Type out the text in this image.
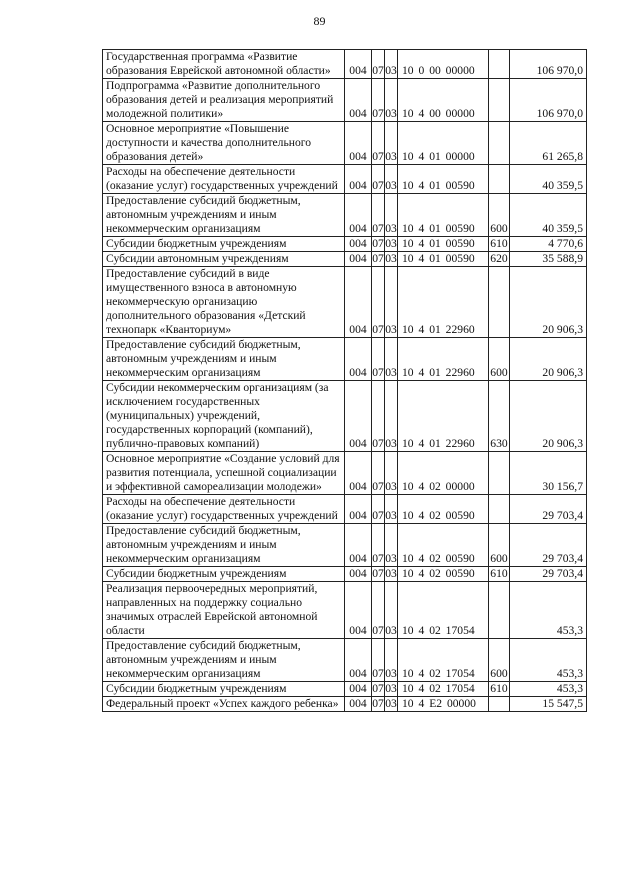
89
Государственная программа «Развитие образования Еврейской автономной области»	004	07	03	10 0 00 00000		106 970,0
Подпрограмма «Развитие дополнительного образования детей и реализация мероприятий молодежной политики»	004	07	03	10 4 00 00000		106 970,0
Основное мероприятие «Повышение доступности и качества дополнительного образования детей»	004	07	03	10 4 01 00000		61 265,8
Расходы на обеспечение деятельности (оказание услуг) государственных учреждений	004	07	03	10 4 01 00590		40 359,5
Предоставление субсидий бюджетным, автономным учреждениям и иным некоммерческим организациям	004	07	03	10 4 01 00590	600	40 359,5
Субсидии бюджетным учреждениям	004	07	03	10 4 01 00590	610	4 770,6
Субсидии автономным учреждениям	004	07	03	10 4 01 00590	620	35 588,9
Предоставление субсидий в виде имущественного взноса в автономную некоммерческую организацию дополнительного образования «Детский технопарк «Кванториум»	004	07	03	10 4 01 22960		20 906,3
Предоставление субсидий бюджетным, автономным учреждениям и иным некоммерческим организациям	004	07	03	10 4 01 22960	600	20 906,3
Субсидии некоммерческим организациям (за исключением государственных (муниципальных) учреждений, государственных корпораций (компаний), публично-правовых компаний)	004	07	03	10 4 01 22960	630	20 906,3
Основное мероприятие «Создание условий для развития потенциала, успешной социализации и эффективной самореализации молодежи»	004	07	03	10 4 02 00000		30 156,7
Расходы на обеспечение деятельности (оказание услуг) государственных учреждений	004	07	03	10 4 02 00590		29 703,4
Предоставление субсидий бюджетным, автономным учреждениям и иным некоммерческим организациям	004	07	03	10 4 02 00590	600	29 703,4
Субсидии бюджетным учреждениям	004	07	03	10 4 02 00590	610	29 703,4
Реализация первоочередных мероприятий, направленных на поддержку социально значимых отраслей Еврейской автономной области	004	07	03	10 4 02 17054		453,3
Предоставление субсидий бюджетным, автономным учреждениям и иным некоммерческим организациям	004	07	03	10 4 02 17054	600	453,3
Субсидии бюджетным учреждениям	004	07	03	10 4 02 17054	610	453,3
Федеральный проект «Успех каждого ребенка»	004	07	03	10 4 E2 00000		15 547,5
